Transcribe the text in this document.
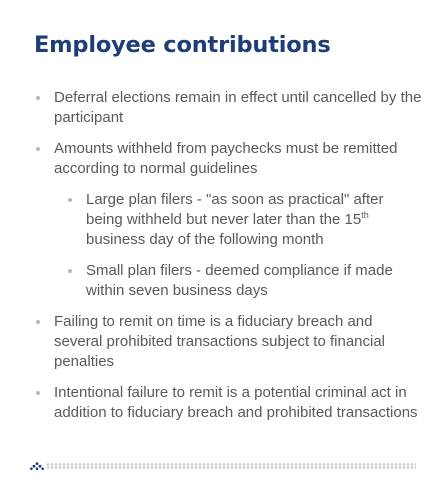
Employee contributions
Deferral elections remain in effect until cancelled by the participant
Amounts withheld from paychecks must be remitted according to normal guidelines
Large plan filers - "as soon as practical" after being withheld but never later than the 15th business day of the following month
Small plan filers - deemed compliance if made within seven business days
Failing to remit on time is a fiduciary breach and several prohibited transactions subject to financial penalties
Intentional failure to remit is a potential criminal act in addition to fiduciary breach and prohibited transactions
